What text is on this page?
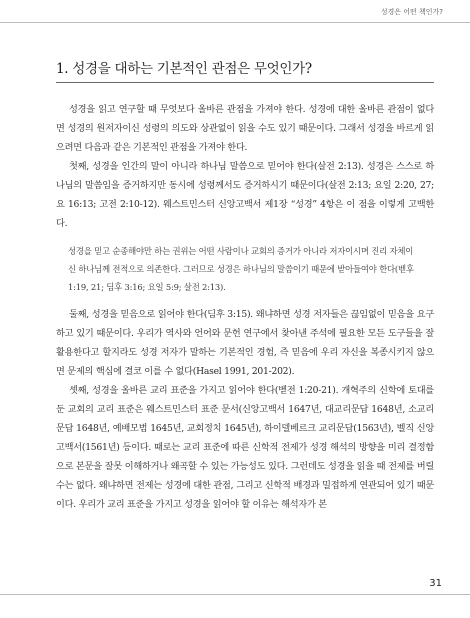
성경은 어떤 책인가?
1. 성경을 대하는 기본적인 관점은 무엇인가?

성경을 읽고 연구할 때 무엇보다 올바른 관점을 가져야 한다. 성경에 대한 올바른 관점이 없다면 성경의 원저자이신 성령의 의도와 상관없이 읽을 수도 있기 때문이다. 그래서 성경을 바르게 읽으려면 다음과 같은 기본적인 관점을 가져야 한다.

첫째, 성경을 인간의 말이 아니라 하나님 말씀으로 믿어야 한다(살전 2:13). 성경은 스스로 하나님의 말씀임을 증거하지만 동시에 성령께서도 증거하시기 때문이다(살전 2:13; 요일 2:20, 27; 요 16:13; 고전 2:10-12). 웨스트민스터 신앙고백서 제1장 “성경” 4항은 이 점을 이렇게 고백한다.

성경을 믿고 순종해야만 하는 권위는 어떤 사람이나 교회의 증거가 아니라 저자이시며 진리 자체이신 하나님께 전적으로 의존한다. 그러므로 성경은 하나님의 말씀이기 때문에 받아들여야 한다(벧후 1:19, 21; 딤후 3:16; 요일 5:9; 살전 2:13).

둘째, 성경을 믿음으로 읽어야 한다(딤후 3:15). 왜냐하면 성경 저자들은 끊임없이 믿음을 요구하고 있기 때문이다. 우리가 역사와 언어와 문헌 연구에서 찾아낸 주석에 필요한 모든 도구들을 잘 활용한다고 할지라도 성경 저자가 말하는 기본적인 경험, 즉 믿음에 우리 자신을 복종시키지 않으면 문제의 핵심에 결코 이를 수 없다(Hasel 1991, 201-202).

셋째, 성경을 올바른 교리 표준을 가지고 읽어야 한다(벧전 1:20-21). 개혁주의 신학에 토대를 둔 교회의 교리 표준은 웨스트민스터 표준 문서(신앙고백서 1647년, 대교리문답 1648년, 소교리문답 1648년, 예배모범 1645년, 교회정치 1645년), 하이델베르크 교리문답(1563년), 벨직 신앙고백서(1561년) 등이다. 때로는 교리 표준에 따른 신학적 전제가 성경 해석의 방향을 미리 결정함으로 본문을 잘못 이해하거나 왜곡할 수 있는 가능성도 있다. 그런데도 성경을 읽을 때 전제를 버릴 수는 없다. 왜냐하면 전제는 성경에 대한 관점, 그리고 신학적 배경과 밀접하게 연관되어 있기 때문이다. 우리가 교리 표준을 가지고 성경을 읽어야 할 이유는 해석자가 본

31
